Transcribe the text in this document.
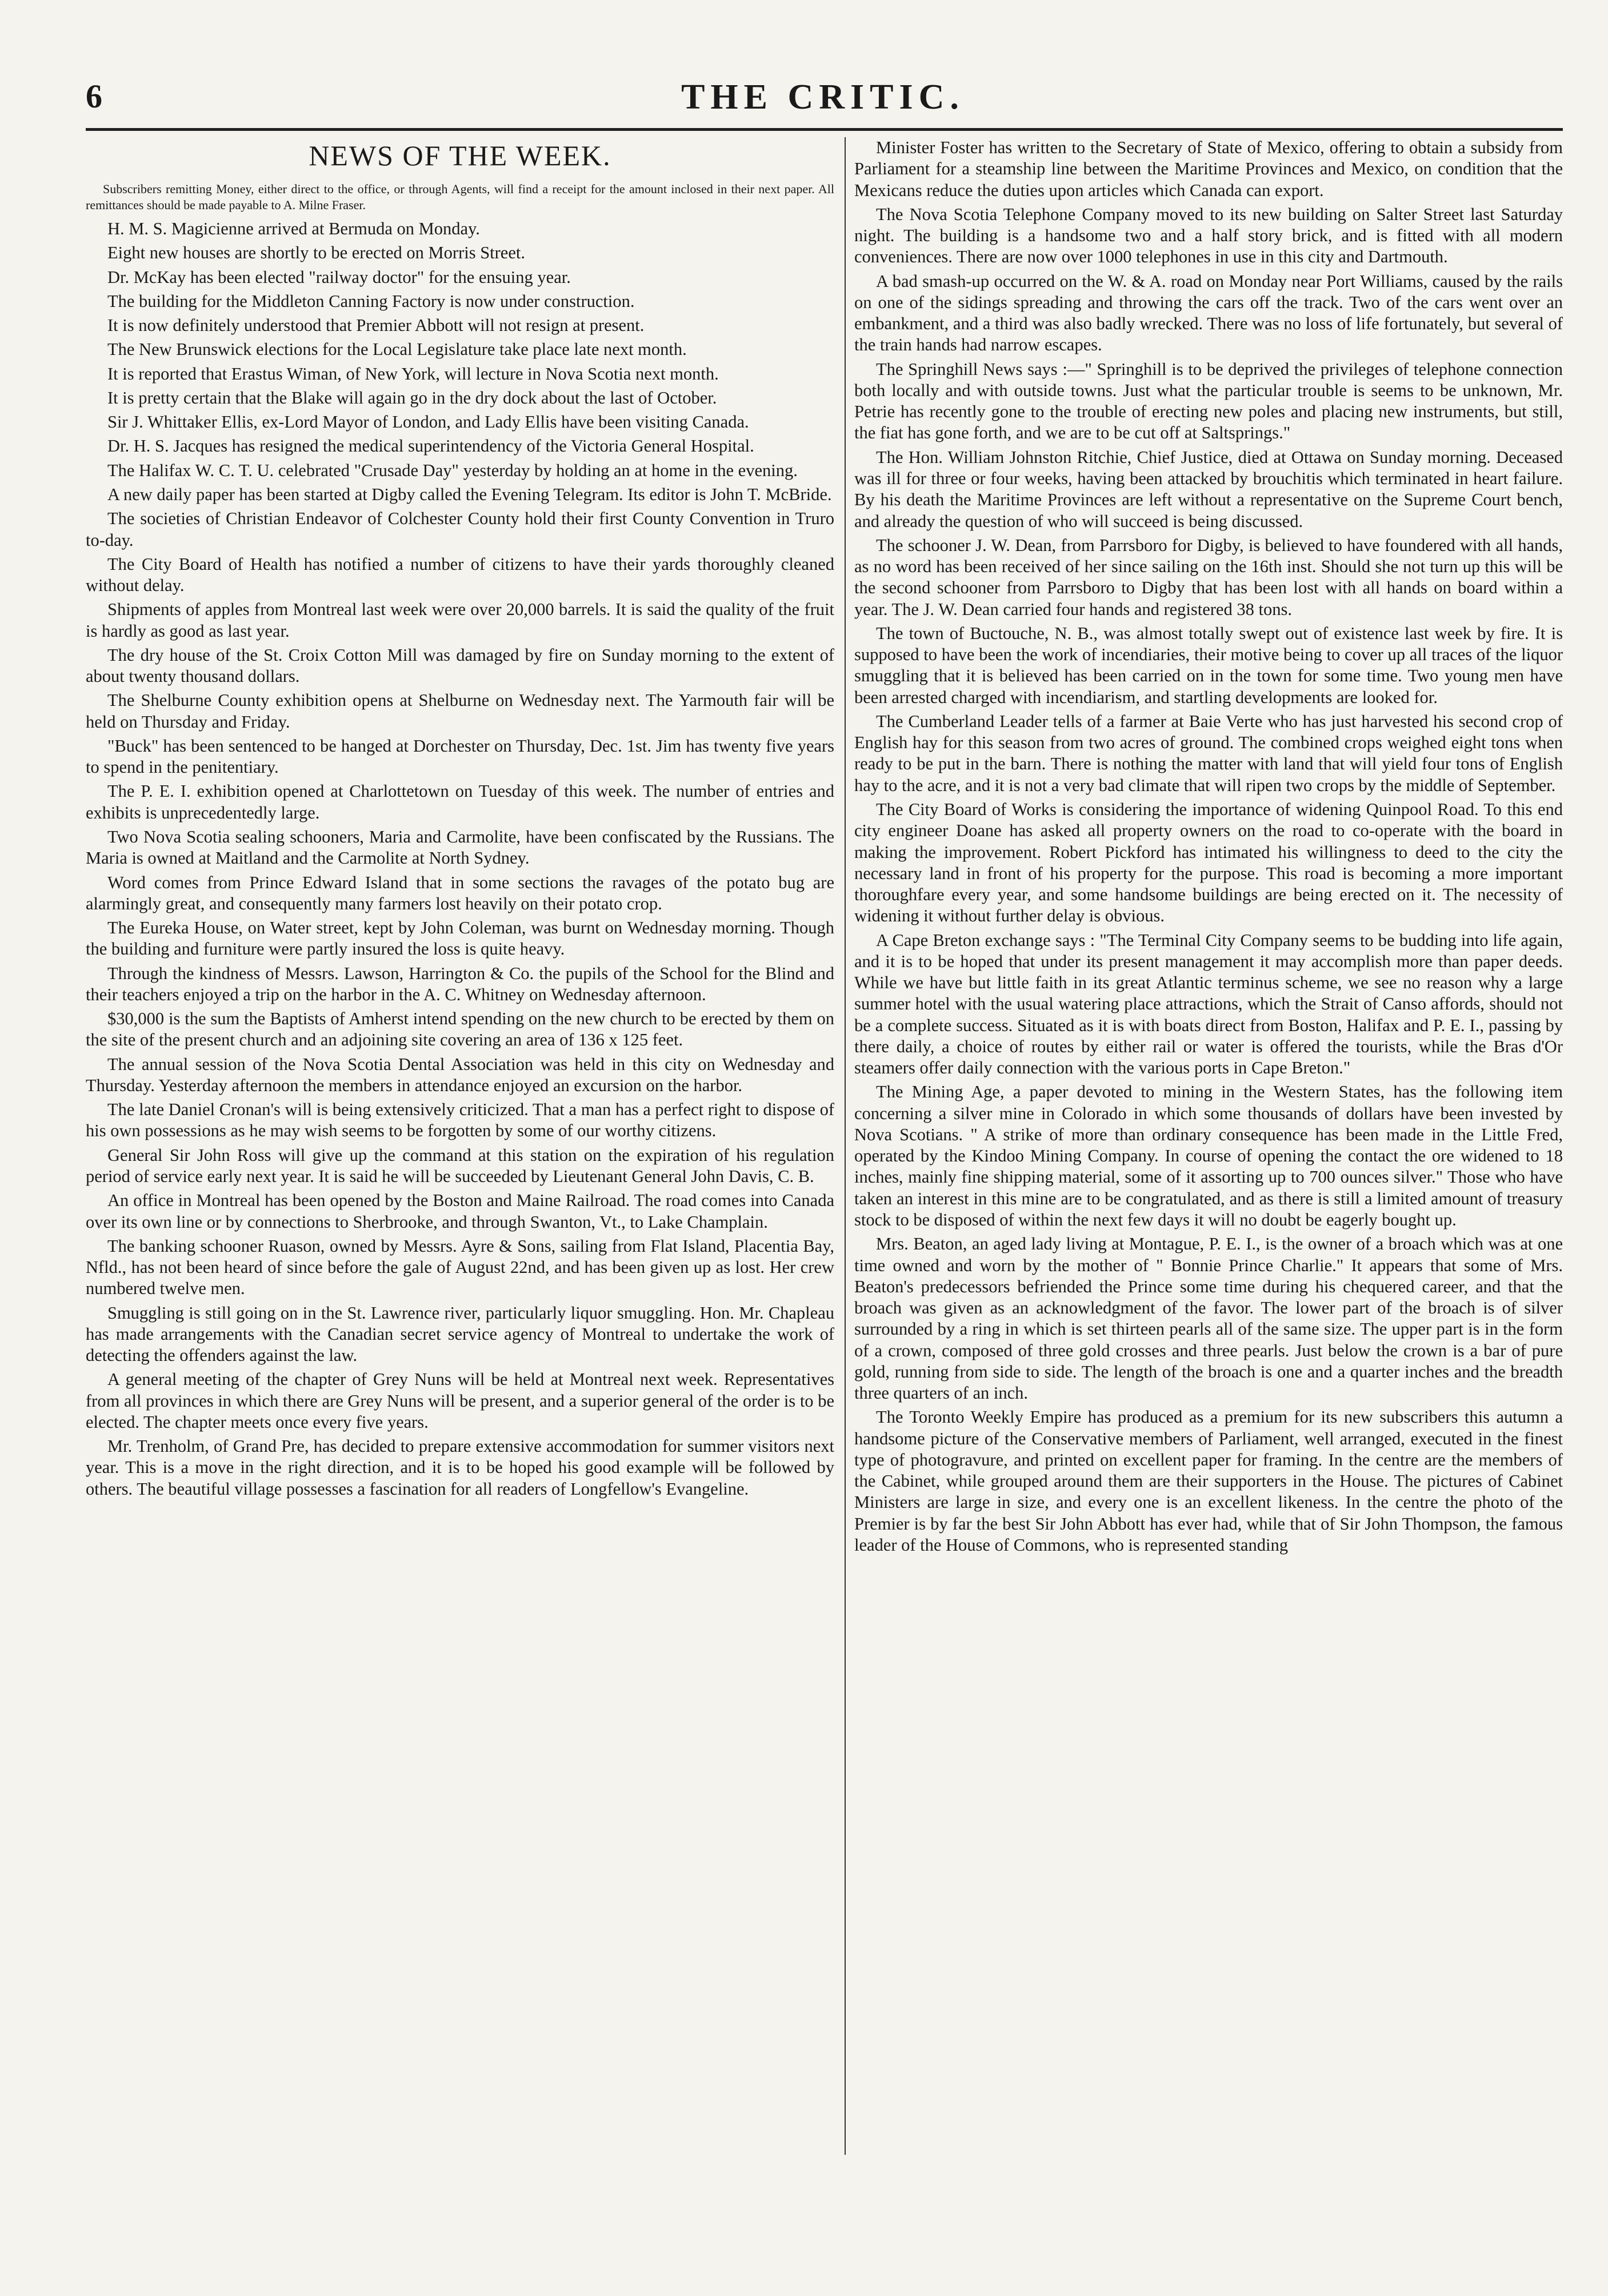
6	THE CRITIC.
NEWS OF THE WEEK.

Subscribers remitting Money, either direct to the office, or through Agents, will find a receipt for the amount inclosed in their next paper. All remittances should be made payable to A. Milne Fraser.

H. M. S. Magicienne arrived at Bermuda on Monday.

Eight new houses are shortly to be erected on Morris Street.

Dr. McKay has been elected "railway doctor" for the ensuing year.

The building for the Middleton Canning Factory is now under construction.

It is now definitely understood that Premier Abbott will not resign at present.

The New Brunswick elections for the Local Legislature take place late next month.

It is reported that Erastus Wiman, of New York, will lecture in Nova Scotia next month.

It is pretty certain that the Blake will again go in the dry dock about the last of October.

Sir J. Whittaker Ellis, ex-Lord Mayor of London, and Lady Ellis have been visiting Canada.

Dr. H. S. Jacques has resigned the medical superintendency of the Victoria General Hospital.

The Halifax W. C. T. U. celebrated "Crusade Day" yesterday by holding an at home in the evening.

A new daily paper has been started at Digby called the Evening Telegram. Its editor is John T. McBride.

The societies of Christian Endeavor of Colchester County hold their first County Convention in Truro to-day.

The City Board of Health has notified a number of citizens to have their yards thoroughly cleaned without delay.

Shipments of apples from Montreal last week were over 20,000 barrels. It is said the quality of the fruit is hardly as good as last year.

The dry house of the St. Croix Cotton Mill was damaged by fire on Sunday morning to the extent of about twenty thousand dollars.

The Shelburne County exhibition opens at Shelburne on Wednesday next. The Yarmouth fair will be held on Thursday and Friday.

"Buck" has been sentenced to be hanged at Dorchester on Thursday, Dec. 1st. Jim has twenty five years to spend in the penitentiary.

The P. E. I. exhibition opened at Charlottetown on Tuesday of this week. The number of entries and exhibits is unprecedentedly large.

Two Nova Scotia sealing schooners, Maria and Carmolite, have been confiscated by the Russians. The Maria is owned at Maitland and the Carmolite at North Sydney.

Word comes from Prince Edward Island that in some sections the ravages of the potato bug are alarmingly great, and consequently many farmers lost heavily on their potato crop.

The Eureka House, on Water street, kept by John Coleman, was burnt on Wednesday morning. Though the building and furniture were partly insured the loss is quite heavy.

Through the kindness of Messrs. Lawson, Harrington & Co. the pupils of the School for the Blind and their teachers enjoyed a trip on the harbor in the A. C. Whitney on Wednesday afternoon.

$30,000 is the sum the Baptists of Amherst intend spending on the new church to be erected by them on the site of the present church and an adjoining site covering an area of 136 x 125 feet.

The annual session of the Nova Scotia Dental Association was held in this city on Wednesday and Thursday. Yesterday afternoon the members in attendance enjoyed an excursion on the harbor.

The late Daniel Cronan's will is being extensively criticized. That a man has a perfect right to dispose of his own possessions as he may wish seems to be forgotten by some of our worthy citizens.

General Sir John Ross will give up the command at this station on the expiration of his regulation period of service early next year. It is said he will be succeeded by Lieutenant General John Davis, C. B.

An office in Montreal has been opened by the Boston and Maine Railroad. The road comes into Canada over its own line or by connections to Sherbrooke, and through Swanton, Vt., to Lake Champlain.

The banking schooner Ruason, owned by Messrs. Ayre & Sons, sailing from Flat Island, Placentia Bay, Nfld., has not been heard of since before the gale of August 22nd, and has been given up as lost. Her crew numbered twelve men.

Smuggling is still going on in the St. Lawrence river, particularly liquor smuggling. Hon. Mr. Chapleau has made arrangements with the Canadian secret service agency of Montreal to undertake the work of detecting the offenders against the law.

A general meeting of the chapter of Grey Nuns will be held at Montreal next week. Representatives from all provinces in which there are Grey Nuns will be present, and a superior general of the order is to be elected. The chapter meets once every five years.

Mr. Trenholm, of Grand Pre, has decided to prepare extensive accommodation for summer visitors next year. This is a move in the right direction, and it is to be hoped his good example will be followed by others. The beautiful village possesses a fascination for all readers of Longfellow's Evangeline.

Minister Foster has written to the Secretary of State of Mexico, offering to obtain a subsidy from Parliament for a steamship line between the Maritime Provinces and Mexico, on condition that the Mexicans reduce the duties upon articles which Canada can export.

The Nova Scotia Telephone Company moved to its new building on Salter Street last Saturday night. The building is a handsome two and a half story brick, and is fitted with all modern conveniences. There are now over 1000 telephones in use in this city and Dartmouth.

A bad smash-up occurred on the W. & A. road on Monday near Port Williams, caused by the rails on one of the sidings spreading and throwing the cars off the track. Two of the cars went over an embankment, and a third was also badly wrecked. There was no loss of life fortunately, but several of the train hands had narrow escapes.

The Springhill News says :—" Springhill is to be deprived the privileges of telephone connection both locally and with outside towns. Just what the particular trouble is seems to be unknown, Mr. Petrie has recently gone to the trouble of erecting new poles and placing new instruments, but still, the fiat has gone forth, and we are to be cut off at Saltsprings."

The Hon. William Johnston Ritchie, Chief Justice, died at Ottawa on Sunday morning. Deceased was ill for three or four weeks, having been attacked by brouchitis which terminated in heart failure. By his death the Maritime Provinces are left without a representative on the Supreme Court bench, and already the question of who will succeed is being discussed.

The schooner J. W. Dean, from Parrsboro for Digby, is believed to have foundered with all hands, as no word has been received of her since sailing on the 16th inst. Should she not turn up this will be the second schooner from Parrsboro to Digby that has been lost with all hands on board within a year. The J. W. Dean carried four hands and registered 38 tons.

The town of Buctouche, N. B., was almost totally swept out of existence last week by fire. It is supposed to have been the work of incendiaries, their motive being to cover up all traces of the liquor smuggling that it is believed has been carried on in the town for some time. Two young men have been arrested charged with incendiarism, and startling developments are looked for.

The Cumberland Leader tells of a farmer at Baie Verte who has just harvested his second crop of English hay for this season from two acres of ground. The combined crops weighed eight tons when ready to be put in the barn. There is nothing the matter with land that will yield four tons of English hay to the acre, and it is not a very bad climate that will ripen two crops by the middle of September.

The City Board of Works is considering the importance of widening Quinpool Road. To this end city engineer Doane has asked all property owners on the road to co-operate with the board in making the improvement. Robert Pickford has intimated his willingness to deed to the city the necessary land in front of his property for the purpose. This road is becoming a more important thoroughfare every year, and some handsome buildings are being erected on it. The necessity of widening it without further delay is obvious.

A Cape Breton exchange says : "The Terminal City Company seems to be budding into life again, and it is to be hoped that under its present management it may accomplish more than paper deeds. While we have but little faith in its great Atlantic terminus scheme, we see no reason why a large summer hotel with the usual watering place attractions, which the Strait of Canso affords, should not be a complete success. Situated as it is with boats direct from Boston, Halifax and P. E. I., passing by there daily, a choice of routes by either rail or water is offered the tourists, while the Bras d'Or steamers offer daily connection with the various ports in Cape Breton."

The Mining Age, a paper devoted to mining in the Western States, has the following item concerning a silver mine in Colorado in which some thousands of dollars have been invested by Nova Scotians. " A strike of more than ordinary consequence has been made in the Little Fred, operated by the Kindoo Mining Company. In course of opening the contact the ore widened to 18 inches, mainly fine shipping material, some of it assorting up to 700 ounces silver." Those who have taken an interest in this mine are to be congratulated, and as there is still a limited amount of treasury stock to be disposed of within the next few days it will no doubt be eagerly bought up.

Mrs. Beaton, an aged lady living at Montague, P. E. I., is the owner of a broach which was at one time owned and worn by the mother of " Bonnie Prince Charlie." It appears that some of Mrs. Beaton's predecessors befriended the Prince some time during his chequered career, and that the broach was given as an acknowledgment of the favor. The lower part of the broach is of silver surrounded by a ring in which is set thirteen pearls all of the same size. The upper part is in the form of a crown, composed of three gold crosses and three pearls. Just below the crown is a bar of pure gold, running from side to side. The length of the broach is one and a quarter inches and the breadth three quarters of an inch.

The Toronto Weekly Empire has produced as a premium for its new subscribers this autumn a handsome picture of the Conservative members of Parliament, well arranged, executed in the finest type of photogravure, and printed on excellent paper for framing. In the centre are the members of the Cabinet, while grouped around them are their supporters in the House. The pictures of Cabinet Ministers are large in size, and every one is an excellent likeness. In the centre the photo of the Premier is by far the best Sir John Abbott has ever had, while that of Sir John Thompson, the famous leader of the House of Commons, who is represented standing
